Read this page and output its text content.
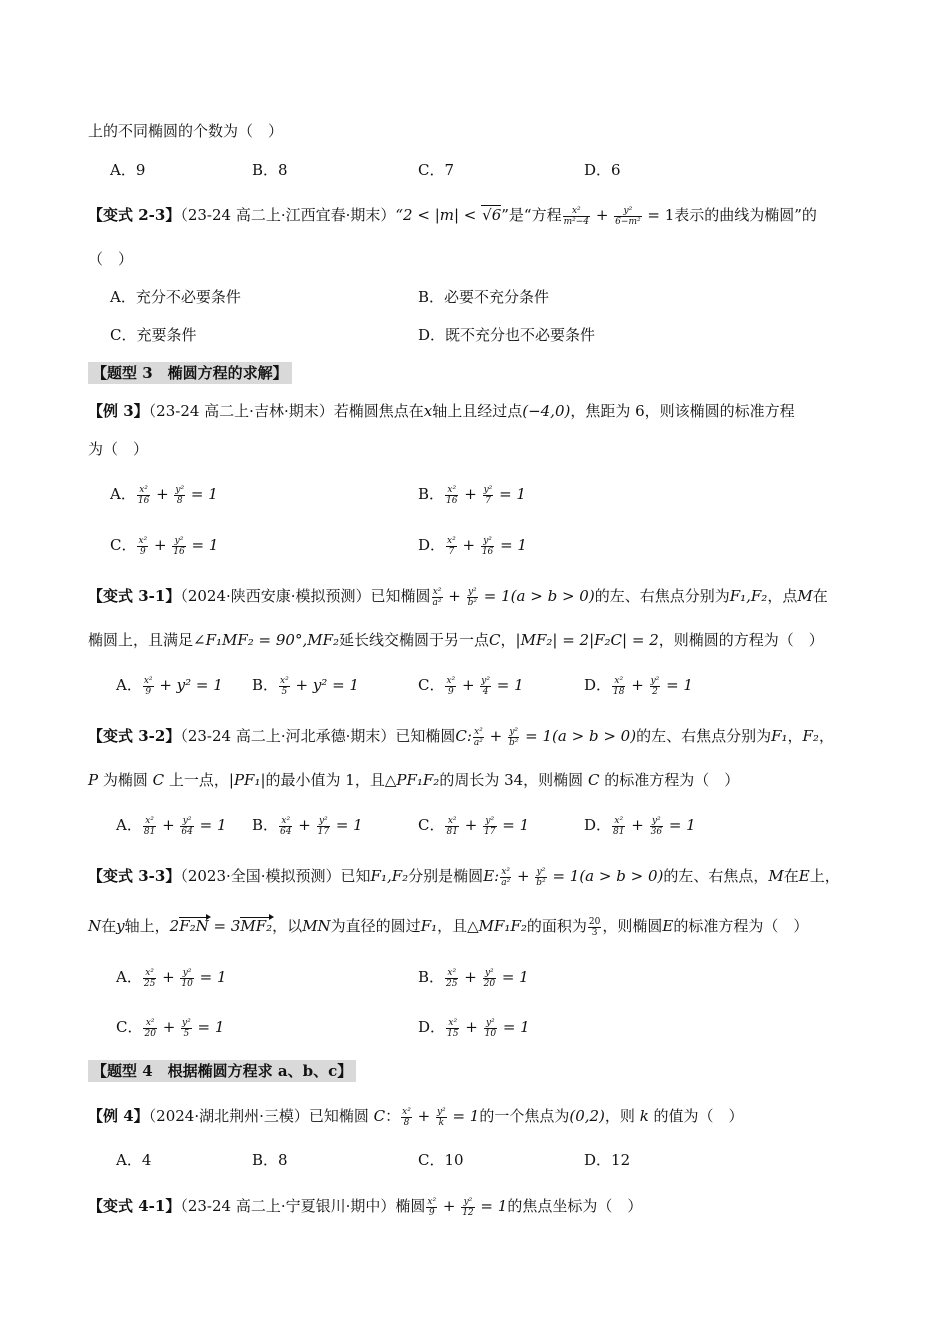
上的不同椭圆的个数为（　）
A．9	B．8	C．7	D．6
【变式 2-3】（23-24 高二上·江西宜春·期末）“2 < |m| < √6”是“方程 $\frac{\text{x²}}{\text{m²−4}} + \frac{\text{y²}}{\text{6−m²}} = 1$表示的曲线为椭圆”的
（　）
A．充分不必要条件	B．必要不充分条件
C．充要条件	D．既不充分也不必要条件
【题型 3　椭圆方程的求解】
【例 3】（23-24 高二上·吉林·期末）若椭圆焦点在x轴上且经过点(−4,0)，焦距为 6，则该椭圆的标准方程
为（　）
A． $\frac{\text{x²}}{16} + \frac{\text{y²}}{8} = 1$	B． $\frac{\text{x²}}{16} + \frac{\text{y²}}{7} = 1$
C． $\frac{\text{x²}}{9} + \frac{\text{y²}}{16} = 1$	D． $\frac{\text{x²}}{7} + \frac{\text{y²}}{16} = 1$
【变式 3-1】（2024·陕西安康·模拟预测）已知椭圆 $\frac{\text{x²}}{\text{a²}} + \frac{\text{y²}}{\text{b²}} = 1(a > b > 0)$的左、右焦点分别为F₁,F₂，点M在
椭圆上，且满足∠F₁MF₂ = 90°,MF₂延长线交椭圆于另一点C，|MF₂| = 2|F₂C| = 2，则椭圆的方程为（　）
A． $\frac{\text{x²}}{9} + y^2 = 1$ B． $\frac{\text{x²}}{5} + y^2 = 1$	C． $\frac{\text{x²}}{9} + \frac{\text{y²}}{4} = 1$	D． $\frac{\text{x²}}{18} + \frac{\text{y²}}{2} = 1$
【变式 3-2】（23-24 高二上·河北承德·期末）已知椭圆C: $\frac{\text{x²}}{\text{a²}} + \frac{\text{y²}}{\text{b²}} = 1(a > b > 0)$的左、右焦点分别为F₁，F₂，
P 为椭圆 C 上一点，|PF₁|的最小值为 1，且△PF₁F₂的周长为 34，则椭圆 C 的标准方程为（　）
A． $\frac{\text{x²}}{81} + \frac{\text{y²}}{64} = 1$ B． $\frac{\text{x²}}{64} + \frac{\text{y²}}{17} = 1$	C． $\frac{\text{x²}}{81} + \frac{\text{y²}}{17} = 1$	D． $\frac{\text{x²}}{81} + \frac{\text{y²}}{36} = 1$
【变式 3-3】（2023·全国·模拟预测）已知F₁,F₂分别是椭圆E: $\frac{\text{x²}}{\text{a²}} + \frac{\text{y²}}{\text{b²}} = 1(a > b > 0)$的左、右焦点，M在E上，
N在y轴上，2F₂N = 3MF₂，以MN为直径的圆过F₁，且△MF₁F₂的面积为 $\frac{20}{3}$ ，则椭圆E的标准方程为（　）
A． $\frac{\text{x²}}{25} + \frac{\text{y²}}{10} = 1$	B． $\frac{\text{x²}}{25} + \frac{\text{y²}}{20} = 1$
C． $\frac{\text{x²}}{20} + \frac{\text{y²}}{5} = 1$	D． $\frac{\text{x²}}{15} + \frac{\text{y²}}{10} = 1$
【题型 4　根据椭圆方程求 a、b、c】
【例 4】（2024·湖北荆州·三模）已知椭圆 C： $\frac{\text{x²}}{8} + \frac{\text{y²}}{k} = 1$的一个焦点为(0,2)，则 k 的值为（　）
A．4	B．8	C．10	D．12
【变式 4-1】（23-24 高二上·宁夏银川·期中）椭圆 $\frac{\text{x²}}{9} + \frac{\text{y²}}{12} = 1$的焦点坐标为（　）
